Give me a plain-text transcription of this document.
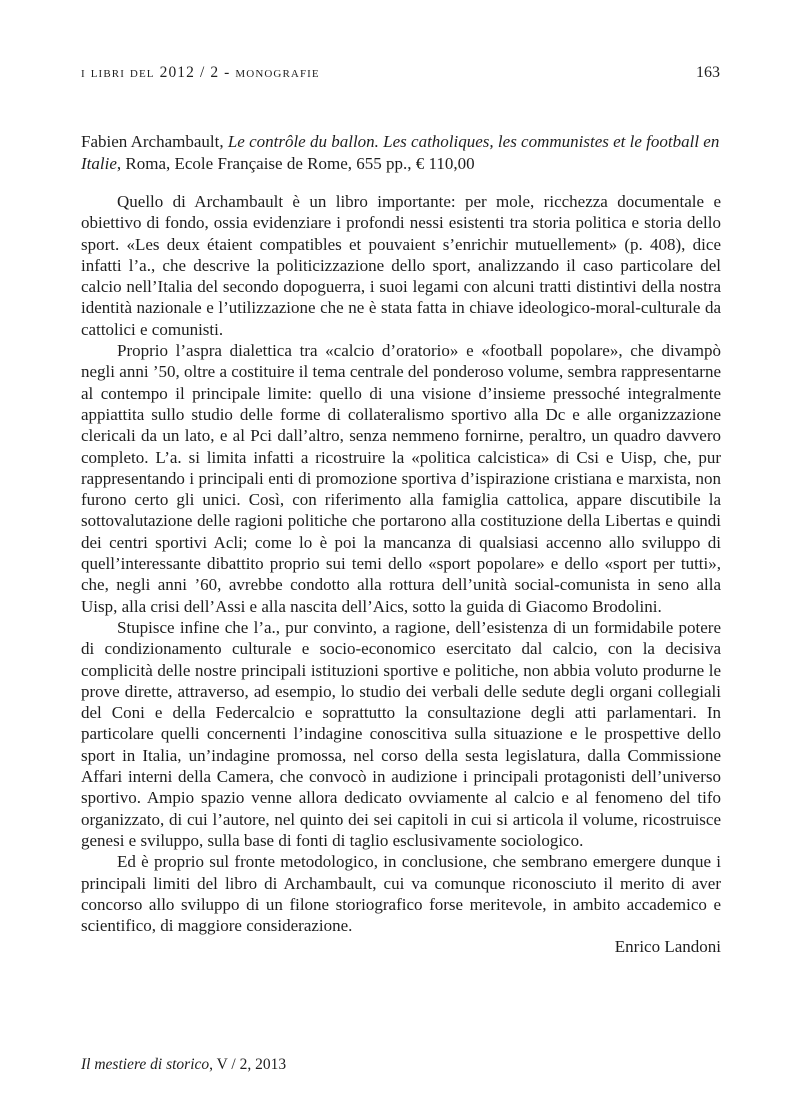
i libri del 2012 / 2 - monografie	163
Fabien Archambault, Le contrôle du ballon. Les catholiques, les communistes et le football en Italie, Roma, Ecole Française de Rome, 655 pp., € 110,00

Quello di Archambault è un libro importante: per mole, ricchezza documentale e obiettivo di fondo, ossia evidenziare i profondi nessi esistenti tra storia politica e storia dello sport. «Les deux étaient compatibles et pouvaient s’enrichir mutuellement» (p. 408), dice infatti l’a., che descrive la politicizzazione dello sport, analizzando il caso particolare del calcio nell’Italia del secondo dopoguerra, i suoi legami con alcuni tratti distintivi della nostra identità nazionale e l’utilizzazione che ne è stata fatta in chiave ideologico-moral-culturale da cattolici e comunisti.

Proprio l’aspra dialettica tra «calcio d’oratorio» e «football popolare», che divampò negli anni ’50, oltre a costituire il tema centrale del ponderoso volume, sembra rappresentarne al contempo il principale limite: quello di una visione d’insieme pressoché integralmente appiattita sullo studio delle forme di collateralismo sportivo alla Dc e alle organizzazione clericali da un lato, e al Pci dall’altro, senza nemmeno fornirne, peraltro, un quadro davvero completo. L’a. si limita infatti a ricostruire la «politica calcistica» di Csi e Uisp, che, pur rappresentando i principali enti di promozione sportiva d’ispirazione cristiana e marxista, non furono certo gli unici. Così, con riferimento alla famiglia cattolica, appare discutibile la sottovalutazione delle ragioni politiche che portarono alla costituzione della Libertas e quindi dei centri sportivi Acli; come lo è poi la mancanza di qualsiasi accenno allo sviluppo di quell’interessante dibattito proprio sui temi dello «sport popolare» e dello «sport per tutti», che, negli anni ’60, avrebbe condotto alla rottura dell’unità social-comunista in seno alla Uisp, alla crisi dell’Assi e alla nascita dell’Aics, sotto la guida di Giacomo Brodolini.

Stupisce infine che l’a., pur convinto, a ragione, dell’esistenza di un formidabile potere di condizionamento culturale e socio-economico esercitato dal calcio, con la decisiva complicità delle nostre principali istituzioni sportive e politiche, non abbia voluto produrne le prove dirette, attraverso, ad esempio, lo studio dei verbali delle sedute degli organi collegiali del Coni e della Federcalcio e soprattutto la consultazione degli atti parlamentari. In particolare quelli concernenti l’indagine conoscitiva sulla situazione e le prospettive dello sport in Italia, un’indagine promossa, nel corso della sesta legislatura, dalla Commissione Affari interni della Camera, che convocò in audizione i principali protagonisti dell’universo sportivo. Ampio spazio venne allora dedicato ovviamente al calcio e al fenomeno del tifo organizzato, di cui l’autore, nel quinto dei sei capitoli in cui si articola il volume, ricostruisce genesi e sviluppo, sulla base di fonti di taglio esclusivamente sociologico.

Ed è proprio sul fronte metodologico, in conclusione, che sembrano emergere dunque i principali limiti del libro di Archambault, cui va comunque riconosciuto il merito di aver concorso allo sviluppo di un filone storiografico forse meritevole, in ambito accademico e scientifico, di maggiore considerazione.

Enrico Landoni

Il mestiere di storico, V / 2, 2013
